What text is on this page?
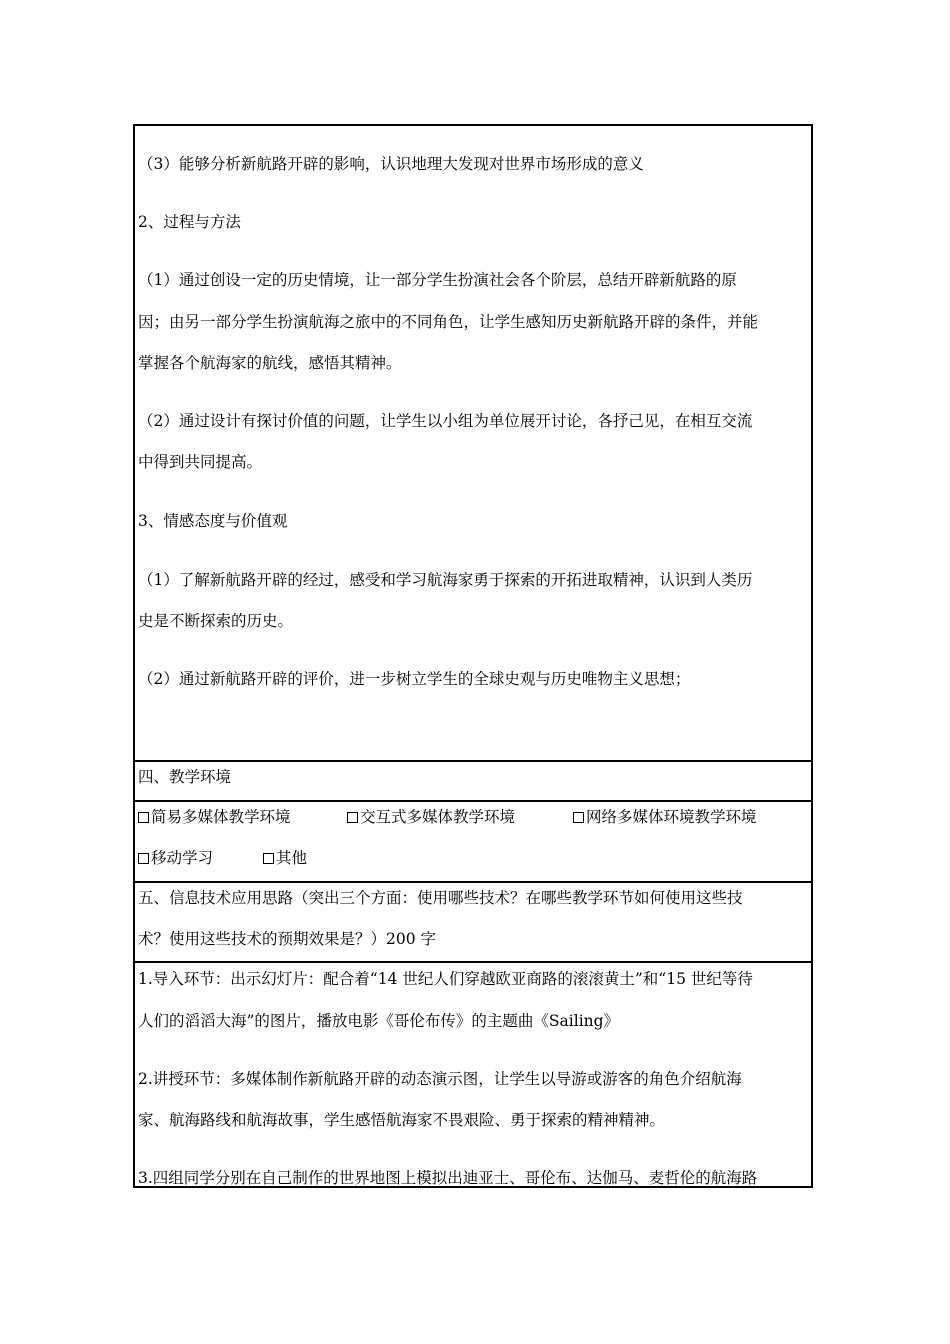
（3）能够分析新航路开辟的影响，认识地理大发现对世界市场形成的意义
2、过程与方法
（1）通过创设一定的历史情境，让一部分学生扮演社会各个阶层，总结开辟新航路的原
因；由另一部分学生扮演航海之旅中的不同角色，让学生感知历史新航路开辟的条件，并能
掌握各个航海家的航线，感悟其精神。
（2）通过设计有探讨价值的问题，让学生以小组为单位展开讨论，各抒己见，在相互交流
中得到共同提高。
3、情感态度与价值观
（1）了解新航路开辟的经过，感受和学习航海家勇于探索的开拓进取精神，认识到人类历
史是不断探索的历史。
（2）通过新航路开辟的评价，进一步树立学生的全球史观与历史唯物主义思想；
四、教学环境
简易多媒体教学环境	交互式多媒体教学环境	网络多媒体环境教学环境
移动学习	其他
五、信息技术应用思路（突出三个方面：使用哪些技术？在哪些教学环节如何使用这些技
术？使用这些技术的预期效果是？）200 字
1.导入环节：出示幻灯片：配合着“14 世纪人们穿越欧亚商路的滚滚黄土”和“15 世纪等待
人们的滔滔大海”的图片，播放电影《哥伦布传》的主题曲《Sailing》
2.讲授环节：多媒体制作新航路开辟的动态演示图，让学生以导游或游客的角色介绍航海
家、航海路线和航海故事，学生感悟航海家不畏艰险、勇于探索的精神精神。
3.四组同学分别在自己制作的世界地图上模拟出迪亚士、哥伦布、达伽马、麦哲伦的航海路
